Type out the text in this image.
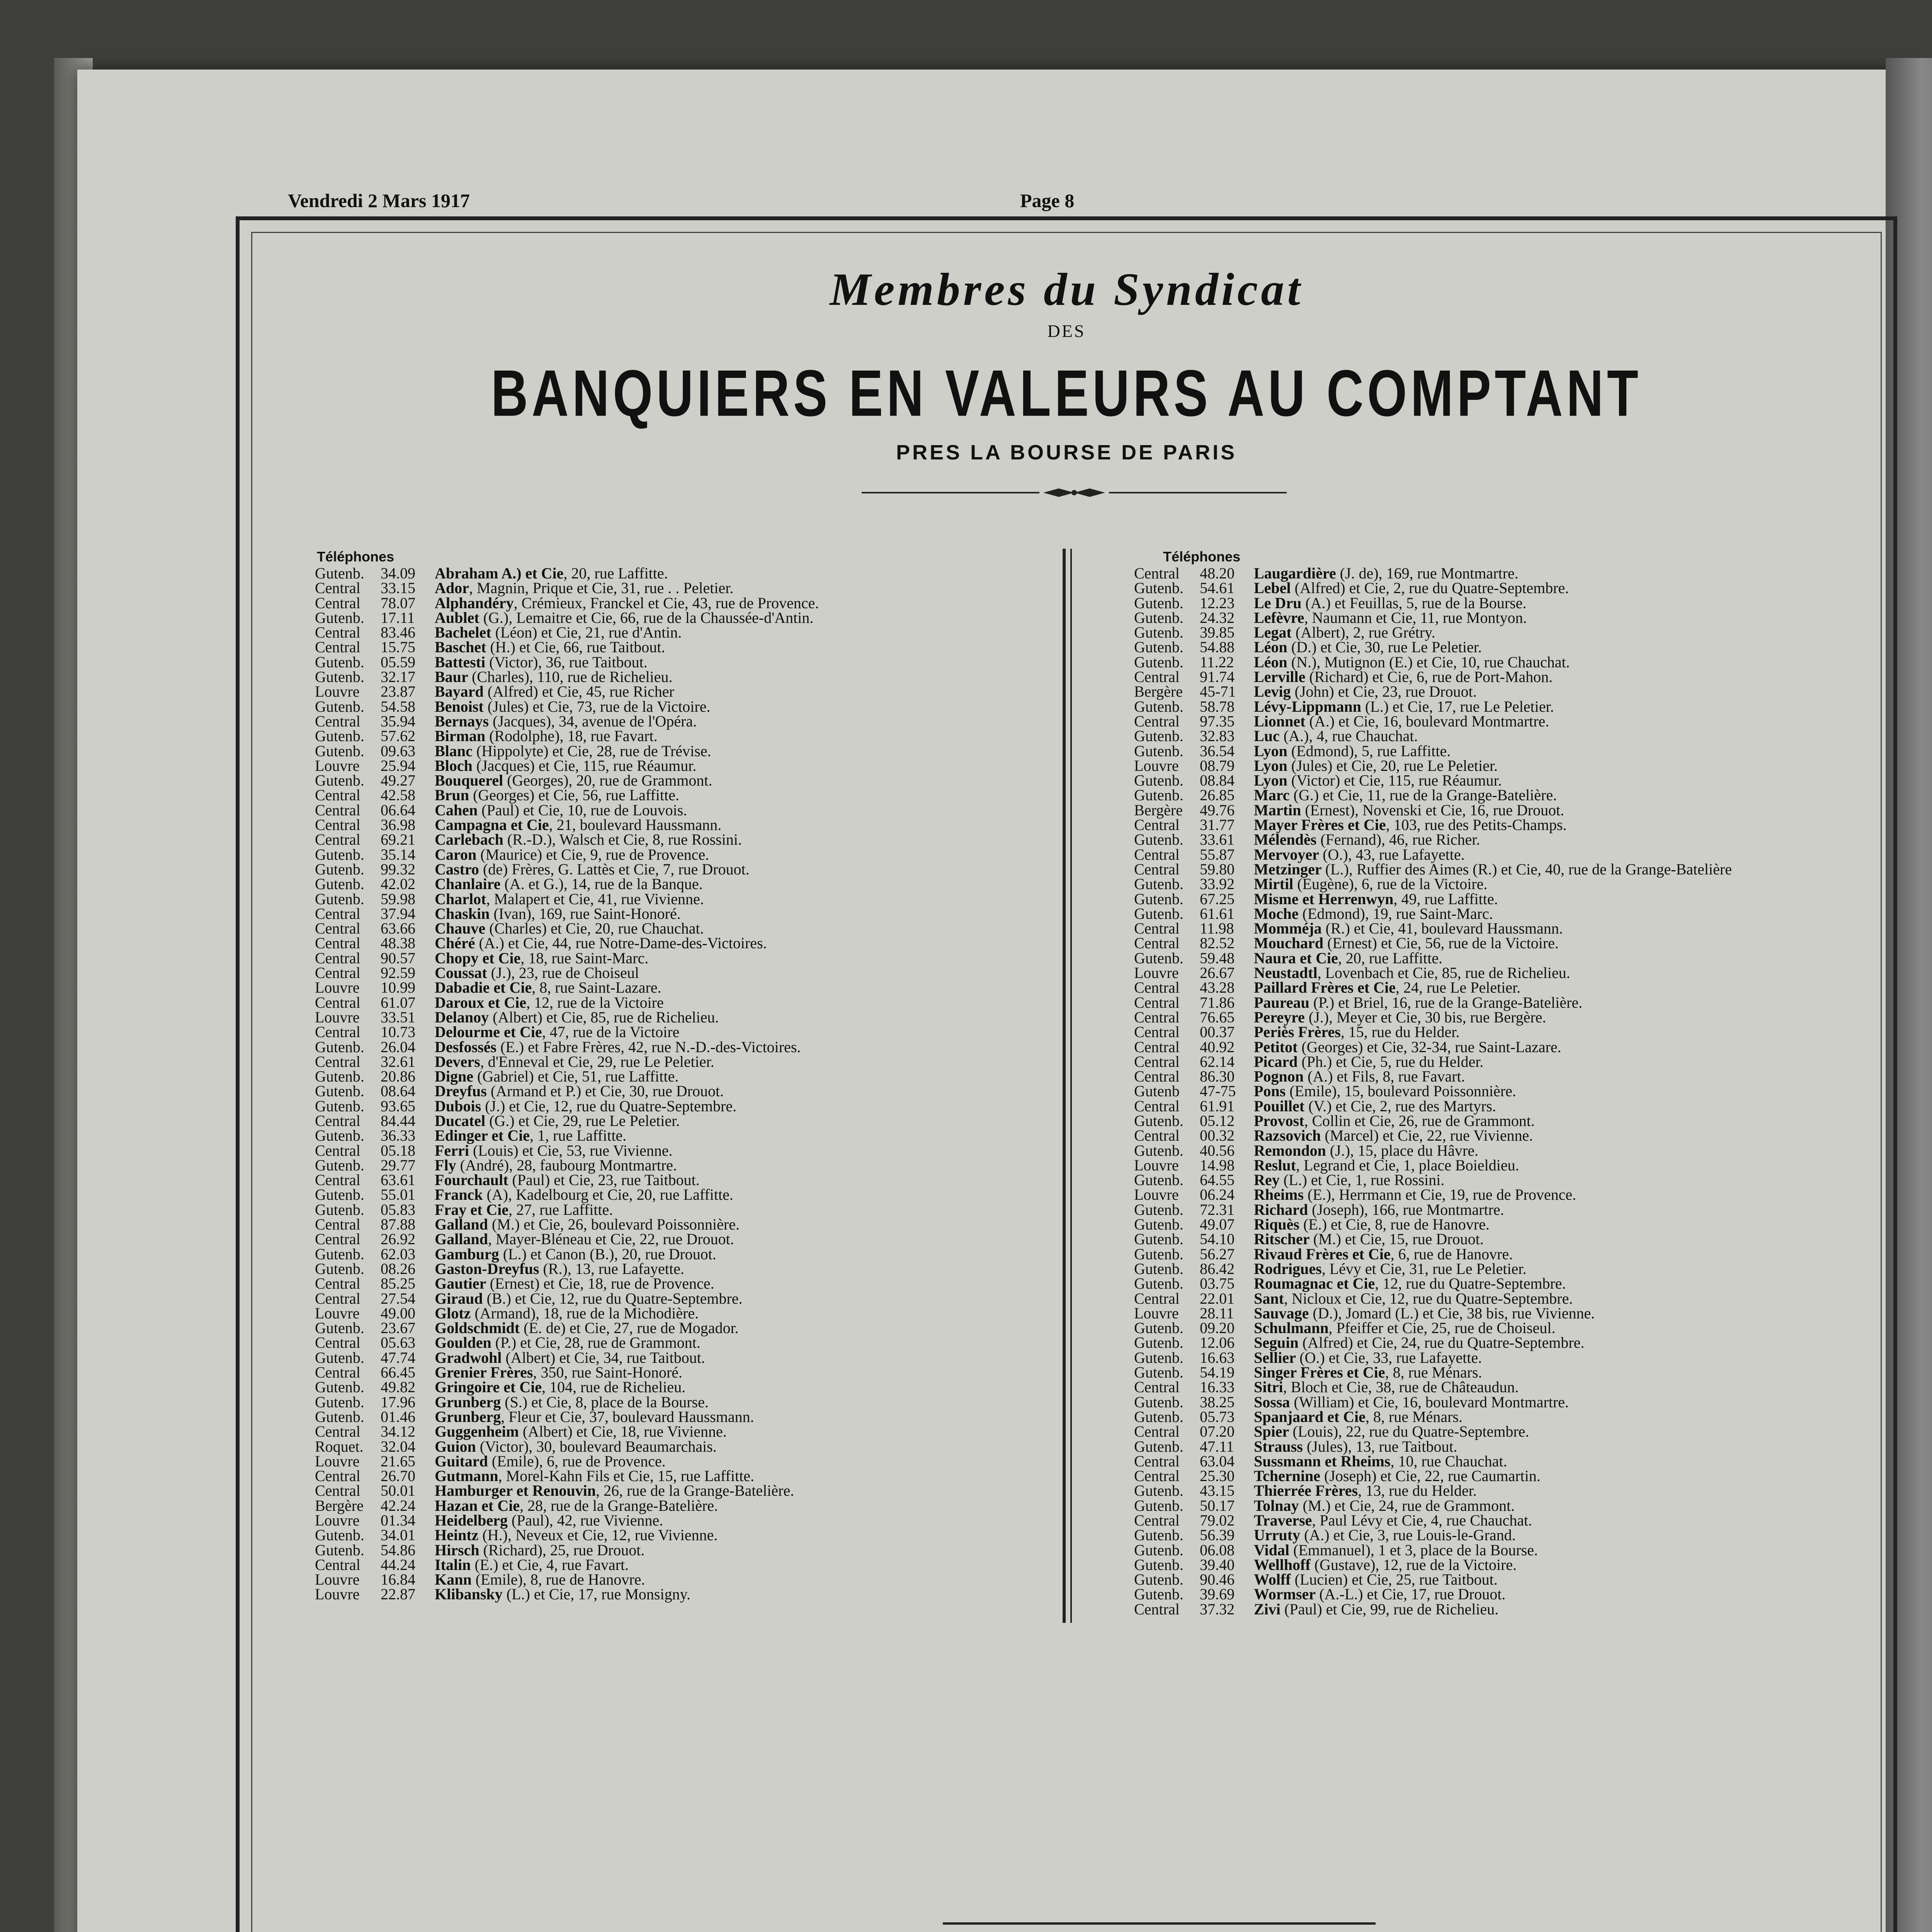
Vendredi 2 Mars 1917	Page 8
Membres du Syndicat
DES
BANQUIERS EN VALEURS AU COMPTANT
PRES LA BOURSE DE PARIS
Téléphones	Téléphones
Gutenb.	34.09	Abraham A.) et Cie, 20, rue Laffitte.
Central	33.15	Ador, Magnin, Prique et Cie, 31, rue . . Peletier.
Central	78.07	Alphandéry, Crémieux, Franckel et Cie, 43, rue de Provence.
Gutenb.	17.11	Aublet (G.), Lemaitre et Cie, 66, rue de la Chaussée-d'Antin.
Central	83.46	Bachelet (Léon) et Cie, 21, rue d'Antin.
Central	15.75	Baschet (H.) et Cie, 66, rue Taitbout.
Gutenb.	05.59	Battesti (Victor), 36, rue Taitbout.
Gutenb.	32.17	Baur (Charles), 110, rue de Richelieu.
Louvre	23.87	Bayard (Alfred) et Cie, 45, rue Richer
Gutenb.	54.58	Benoist (Jules) et Cie, 73, rue de la Victoire.
Central	35.94	Bernays (Jacques), 34, avenue de l'Opéra.
Gutenb.	57.62	Birman (Rodolphe), 18, rue Favart.
Gutenb.	09.63	Blanc (Hippolyte) et Cie, 28, rue de Trévise.
Louvre	25.94	Bloch (Jacques) et Cie, 115, rue Réaumur.
Gutenb.	49.27	Bouquerel (Georges), 20, rue de Grammont.
Central	42.58	Brun (Georges) et Cie, 56, rue Laffitte.
Central	06.64	Cahen (Paul) et Cie, 10, rue de Louvois.
Central	36.98	Campagna et Cie, 21, boulevard Haussmann.
Central	69.21	Carlebach (R.-D.), Walsch et Cie, 8, rue Rossini.
Gutenb.	35.14	Caron (Maurice) et Cie, 9, rue de Provence.
Gutenb.	99.32	Castro (de) Frères, G. Lattès et Cie, 7, rue Drouot.
Gutenb.	42.02	Chanlaire (A. et G.), 14, rue de la Banque.
Gutenb.	59.98	Charlot, Malapert et Cie, 41, rue Vivienne.
Central	37.94	Chaskin (Ivan), 169, rue Saint-Honoré.
Central	63.66	Chauve (Charles) et Cie, 20, rue Chauchat.
Central	48.38	Chéré (A.) et Cie, 44, rue Notre-Dame-des-Victoires.
Central	90.57	Chopy et Cie, 18, rue Saint-Marc.
Central	92.59	Coussat (J.), 23, rue de Choiseul
Louvre	10.99	Dabadie et Cie, 8, rue Saint-Lazare.
Central	61.07	Daroux et Cie, 12, rue de la Victoire
Louvre	33.51	Delanoy (Albert) et Cie, 85, rue de Richelieu.
Central	10.73	Delourme et Cie, 47, rue de la Victoire
Gutenb.	26.04	Desfossés (E.) et Fabre Frères, 42, rue N.-D.-des-Victoires.
Central	32.61	Devers, d'Enneval et Cie, 29, rue Le Peletier.
Gutenb.	20.86	Digne (Gabriel) et Cie, 51, rue Laffitte.
Gutenb.	08.64	Dreyfus (Armand et P.) et Cie, 30, rue Drouot.
Gutenb.	93.65	Dubois (J.) et Cie, 12, rue du Quatre-Septembre.
Central	84.44	Ducatel (G.) et Cie, 29, rue Le Peletier.
Gutenb.	36.33	Edinger et Cie, 1, rue Laffitte.
Central	05.18	Ferri (Louis) et Cie, 53, rue Vivienne.
Gutenb.	29.77	Fly (André), 28, faubourg Montmartre.
Central	63.61	Fourchault (Paul) et Cie, 23, rue Taitbout.
Gutenb.	55.01	Franck (A), Kadelbourg et Cie, 20, rue Laffitte.
Gutenb.	05.83	Fray et Cie, 27, rue Laffitte.
Central	87.88	Galland (M.) et Cie, 26, boulevard Poissonnière.
Central	26.92	Galland, Mayer-Bléneau et Cie, 22, rue Drouot.
Gutenb.	62.03	Gamburg (L.) et Canon (B.), 20, rue Drouot.
Gutenb.	08.26	Gaston-Dreyfus (R.), 13, rue Lafayette.
Central	85.25	Gautier (Ernest) et Cie, 18, rue de Provence.
Central	27.54	Giraud (B.) et Cie, 12, rue du Quatre-Septembre.
Louvre	49.00	Glotz (Armand), 18, rue de la Michodière.
Gutenb.	23.67	Goldschmidt (E. de) et Cie, 27, rue de Mogador.
Central	05.63	Goulden (P.) et Cie, 28, rue de Grammont.
Gutenb.	47.74	Gradwohl (Albert) et Cie, 34, rue Taitbout.
Central	66.45	Grenier Frères, 350, rue Saint-Honoré.
Gutenb.	49.82	Gringoire et Cie, 104, rue de Richelieu.
Gutenb.	17.96	Grunberg (S.) et Cie, 8, place de la Bourse.
Gutenb.	01.46	Grunberg, Fleur et Cie, 37, boulevard Haussmann.
Central	34.12	Guggenheim (Albert) et Cie, 18, rue Vivienne.
Roquet.	32.04	Guion (Victor), 30, boulevard Beaumarchais.
Louvre	21.65	Guitard (Emile), 6, rue de Provence.
Central	26.70	Gutmann, Morel-Kahn Fils et Cie, 15, rue Laffitte.
Central	50.01	Hamburger et Renouvin, 26, rue de la Grange-Batelière.
Bergère	42.24	Hazan et Cie, 28, rue de la Grange-Batelière.
Louvre	01.34	Heidelberg (Paul), 42, rue Vivienne.
Gutenb.	34.01	Heintz (H.), Neveux et Cie, 12, rue Vivienne.
Gutenb.	54.86	Hirsch (Richard), 25, rue Drouot.
Central	44.24	Italin (E.) et Cie, 4, rue Favart.
Louvre	16.84	Kann (Emile), 8, rue de Hanovre.
Louvre	22.87	Klibansky (L.) et Cie, 17, rue Monsigny.
Central	48.20	Laugardière (J. de), 169, rue Montmartre.
Gutenb.	54.61	Lebel (Alfred) et Cie, 2, rue du Quatre-Septembre.
Gutenb.	12.23	Le Dru (A.) et Feuillas, 5, rue de la Bourse.
Gutenb.	24.32	Lefèvre, Naumann et Cie, 11, rue Montyon.
Gutenb.	39.85	Legat (Albert), 2, rue Grétry.
Gutenb.	54.88	Léon (D.) et Cie, 30, rue Le Peletier.
Gutenb.	11.22	Léon (N.), Mutignon (E.) et Cie, 10, rue Chauchat.
Central	91.74	Lerville (Richard) et Cie, 6, rue de Port-Mahon.
Bergère	45-71	Levig (John) et Cie, 23, rue Drouot.
Gutenb.	58.78	Lévy-Lippmann (L.) et Cie, 17, rue Le Peletier.
Central	97.35	Lionnet (A.) et Cie, 16, boulevard Montmartre.
Gutenb.	32.83	Luc (A.), 4, rue Chauchat.
Gutenb.	36.54	Lyon (Edmond), 5, rue Laffitte.
Louvre	08.79	Lyon (Jules) et Cie, 20, rue Le Peletier.
Gutenb.	08.84	Lyon (Victor) et Cie, 115, rue Réaumur.
Gutenb.	26.85	Marc (G.) et Cie, 11, rue de la Grange-Batelière.
Bergère	49.76	Martin (Ernest), Novenski et Cie, 16, rue Drouot.
Central	31.77	Mayer Frères et Cie, 103, rue des Petits-Champs.
Gutenb.	33.61	Mélendès (Fernand), 46, rue Richer.
Central	55.87	Mervoyer (O.), 43, rue Lafayette.
Central	59.80	Metzinger (L.), Ruffier des Aimes (R.) et Cie, 40, rue de la Grange-Batelière
Gutenb.	33.92	Mirtil (Eugène), 6, rue de la Victoire.
Gutenb.	67.25	Misme et Herrenwyn, 49, rue Laffitte.
Gutenb.	61.61	Moche (Edmond), 19, rue Saint-Marc.
Central	11.98	Momméja (R.) et Cie, 41, boulevard Haussmann.
Central	82.52	Mouchard (Ernest) et Cie, 56, rue de la Victoire.
Gutenb.	59.48	Naura et Cie, 20, rue Laffitte.
Louvre	26.67	Neustadtl, Lovenbach et Cie, 85, rue de Richelieu.
Central	43.28	Paillard Frères et Cie, 24, rue Le Peletier.
Central	71.86	Paureau (P.) et Briel, 16, rue de la Grange-Batelière.
Central	76.65	Pereyre (J.), Meyer et Cie, 30 bis, rue Bergère.
Central	00.37	Periès Frères, 15, rue du Helder.
Central	40.92	Petitot (Georges) et Cie, 32-34, rue Saint-Lazare.
Central	62.14	Picard (Ph.) et Cie, 5, rue du Helder.
Central	86.30	Pognon (A.) et Fils, 8, rue Favart.
Gutenb	47-75	Pons (Emile), 15, boulevard Poissonnière.
Central	61.91	Pouillet (V.) et Cie, 2, rue des Martyrs.
Gutenb.	05.12	Provost, Collin et Cie, 26, rue de Grammont.
Central	00.32	Razsovich (Marcel) et Cie, 22, rue Vivienne.
Gutenb.	40.56	Remondon (J.), 15, place du Hâvre.
Louvre	14.98	Reslut, Legrand et Cie, 1, place Boieldieu.
Gutenb.	64.55	Rey (L.) et Cie, 1, rue Rossini.
Louvre	06.24	Rheims (E.), Herrmann et Cie, 19, rue de Provence.
Gutenb.	72.31	Richard (Joseph), 166, rue Montmartre.
Gutenb.	49.07	Riquès (E.) et Cie, 8, rue de Hanovre.
Gutenb.	54.10	Ritscher (M.) et Cie, 15, rue Drouot.
Gutenb.	56.27	Rivaud Frères et Cie, 6, rue de Hanovre.
Gutenb.	86.42	Rodrigues, Lévy et Cie, 31, rue Le Peletier.
Gutenb.	03.75	Roumagnac et Cie, 12, rue du Quatre-Septembre.
Central	22.01	Sant, Nicloux et Cie, 12, rue du Quatre-Septembre.
Louvre	28.11	Sauvage (D.), Jomard (L.) et Cie, 38 bis, rue Vivienne.
Gutenb.	09.20	Schulmann, Pfeiffer et Cie, 25, rue de Choiseul.
Gutenb.	12.06	Seguin (Alfred) et Cie, 24, rue du Quatre-Septembre.
Gutenb.	16.63	Sellier (O.) et Cie, 33, rue Lafayette.
Gutenb.	54.19	Singer Frères et Cie, 8, rue Ménars.
Central	16.33	Sitri, Bloch et Cie, 38, rue de Châteaudun.
Gutenb.	38.25	Sossa (William) et Cie, 16, boulevard Montmartre.
Gutenb.	05.73	Spanjaard et Cie, 8, rue Ménars.
Central	07.20	Spier (Louis), 22, rue du Quatre-Septembre.
Gutenb.	47.11	Strauss (Jules), 13, rue Taitbout.
Central	63.04	Sussmann et Rheims, 10, rue Chauchat.
Central	25.30	Tchernine (Joseph) et Cie, 22, rue Caumartin.
Gutenb.	43.15	Thierrée Frères, 13, rue du Helder.
Gutenb.	50.17	Tolnay (M.) et Cie, 24, rue de Grammont.
Central	79.02	Traverse, Paul Lévy et Cie, 4, rue Chauchat.
Gutenb.	56.39	Urruty (A.) et Cie, 3, rue Louis-le-Grand.
Gutenb.	06.08	Vidal (Emmanuel), 1 et 3, place de la Bourse.
Gutenb.	39.40	Wellhoff (Gustave), 12, rue de la Victoire.
Gutenb.	90.46	Wolff (Lucien) et Cie, 25, rue Taitbout.
Gutenb.	39.69	Wormser (A.-L.) et Cie, 17, rue Drouot.
Central	37.32	Zivi (Paul) et Cie, 99, rue de Richelieu.
